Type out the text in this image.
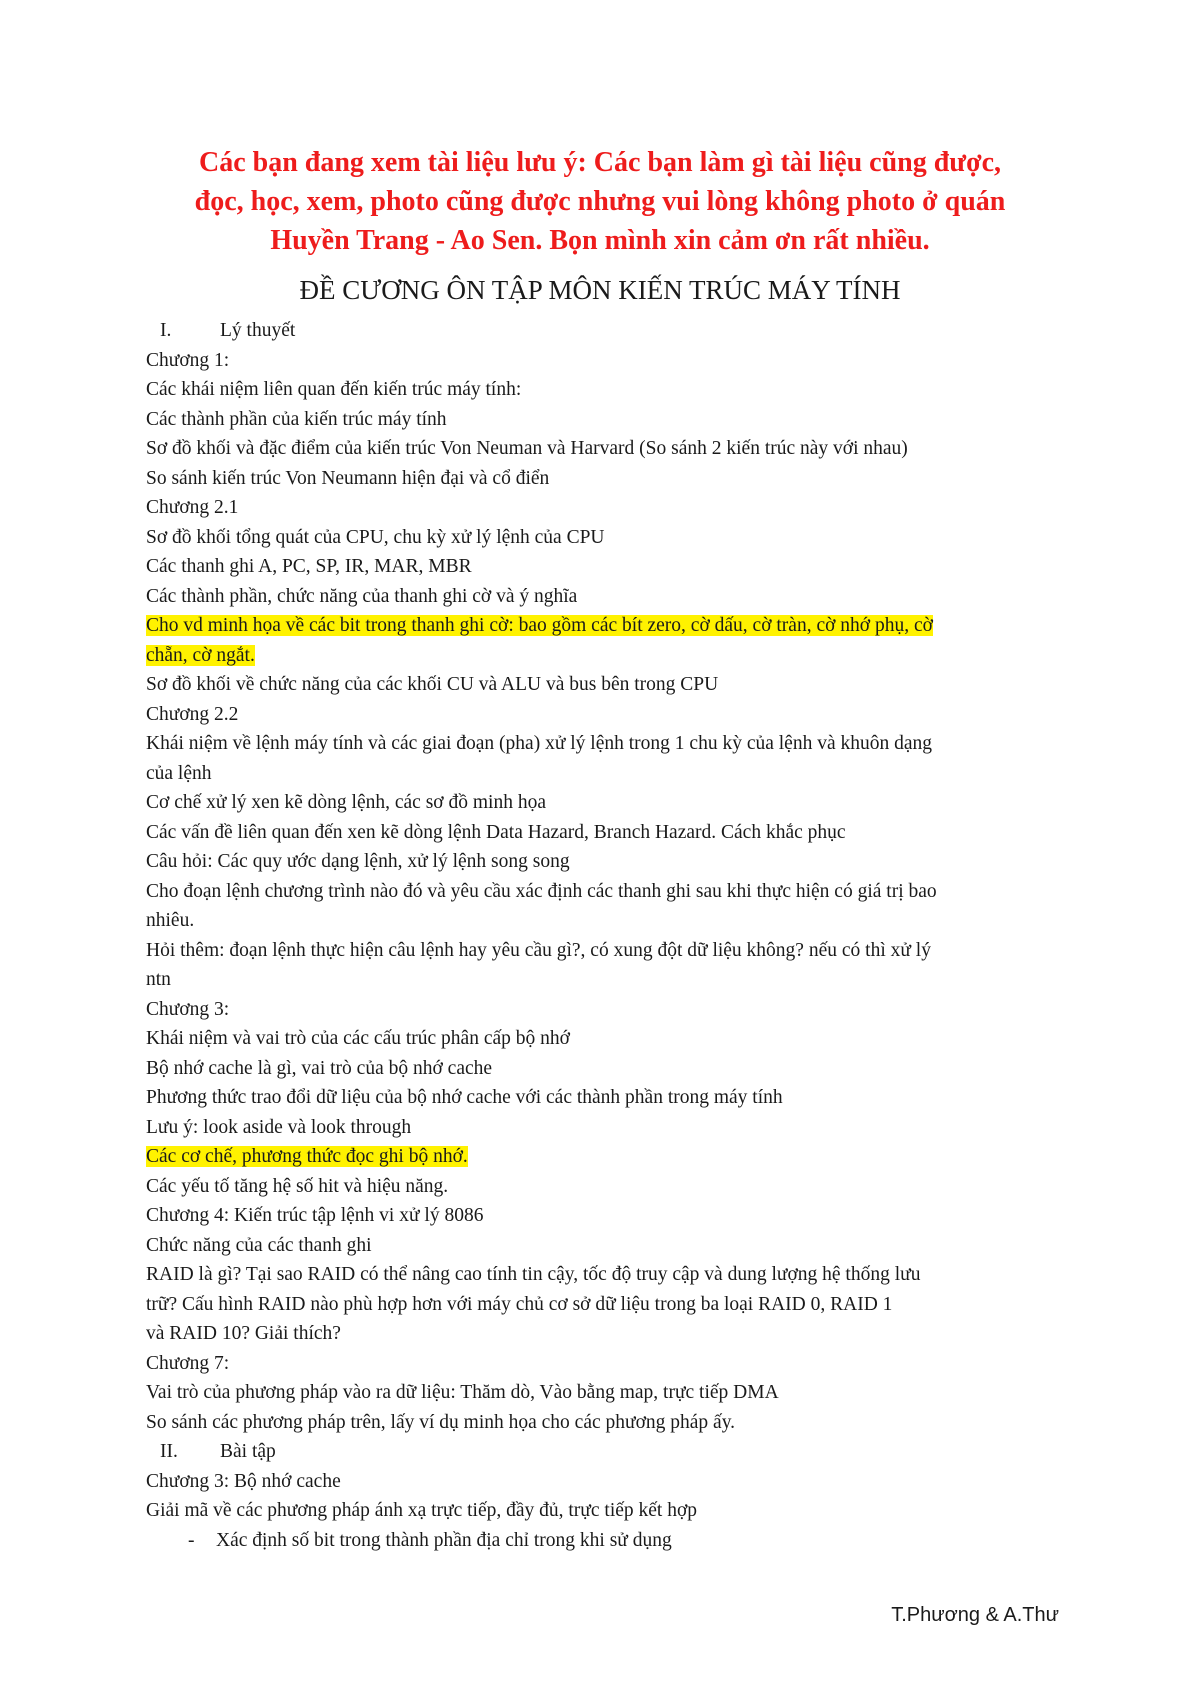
Các bạn đang xem tài liệu lưu ý: Các bạn làm gì tài liệu cũng được,
đọc, học, xem, photo cũng được nhưng vui lòng không photo ở quán
Huyền Trang - Ao Sen. Bọn mình xin cảm ơn rất nhiều.
ĐỀ CƯƠNG ÔN TẬP MÔN KIẾN TRÚC MÁY TÍNH
I. Lý thuyết
Chương 1:
Các khái niệm liên quan đến kiến trúc máy tính:
Các thành phần của kiến trúc máy tính
Sơ đồ khối và đặc điểm của kiến trúc Von Neuman và Harvard (So sánh 2 kiến trúc này với nhau)
So sánh kiến trúc Von Neumann hiện đại và cổ điển
Chương 2.1
Sơ đồ khối tổng quát của CPU, chu kỳ xử lý lệnh của CPU
Các thanh ghi A, PC, SP, IR, MAR, MBR
Các thành phần, chức năng của thanh ghi cờ và ý nghĩa
Cho vd minh họa về các bit trong thanh ghi cờ: bao gồm các bít zero, cờ dấu, cờ tràn, cờ nhớ phụ, cờ
chẵn, cờ ngắt.
Sơ đồ khối về chức năng của các khối CU và ALU và bus bên trong CPU
Chương 2.2
Khái niệm về lệnh máy tính và các giai đoạn (pha) xử lý lệnh trong 1 chu kỳ của lệnh và khuôn dạng
của lệnh
Cơ chế xử lý xen kẽ dòng lệnh, các sơ đồ minh họa
Các vấn đề liên quan đến xen kẽ dòng lệnh Data Hazard, Branch Hazard. Cách khắc phục
Câu hỏi: Các quy ước dạng lệnh, xử lý lệnh song song
Cho đoạn lệnh chương trình nào đó và yêu cầu xác định các thanh ghi sau khi thực hiện có giá trị bao
nhiêu.
Hỏi thêm: đoạn lệnh thực hiện câu lệnh hay yêu cầu gì?, có xung đột dữ liệu không? nếu có thì xử lý
ntn
Chương 3:
Khái niệm và vai trò của các cấu trúc phân cấp bộ nhớ
Bộ nhớ cache là gì, vai trò của bộ nhớ cache
Phương thức trao đổi dữ liệu của bộ nhớ cache với các thành phần trong máy tính
Lưu ý: look aside và look through
Các cơ chế, phương thức đọc ghi bộ nhớ.
Các yếu tố tăng hệ số hit và hiệu năng.
Chương 4: Kiến trúc tập lệnh vi xử lý 8086
Chức năng của các thanh ghi
RAID là gì? Tại sao RAID có thể nâng cao tính tin cậy, tốc độ truy cập và dung lượng hệ thống lưu
trữ? Cấu hình RAID nào phù hợp hơn với máy chủ cơ sở dữ liệu trong ba loại RAID 0, RAID 1
và RAID 10? Giải thích?
Chương 7:
Vai trò của phương pháp vào ra dữ liệu: Thăm dò, Vào bằng map, trực tiếp DMA
So sánh các phương pháp trên, lấy ví dụ minh họa cho các phương pháp ấy.
II. Bài tập
Chương 3: Bộ nhớ cache
Giải mã về các phương pháp ánh xạ trực tiếp, đầy đủ, trực tiếp kết hợp
- Xác định số bit trong thành phần địa chỉ trong khi sử dụng
T.Phương & A.Thư
